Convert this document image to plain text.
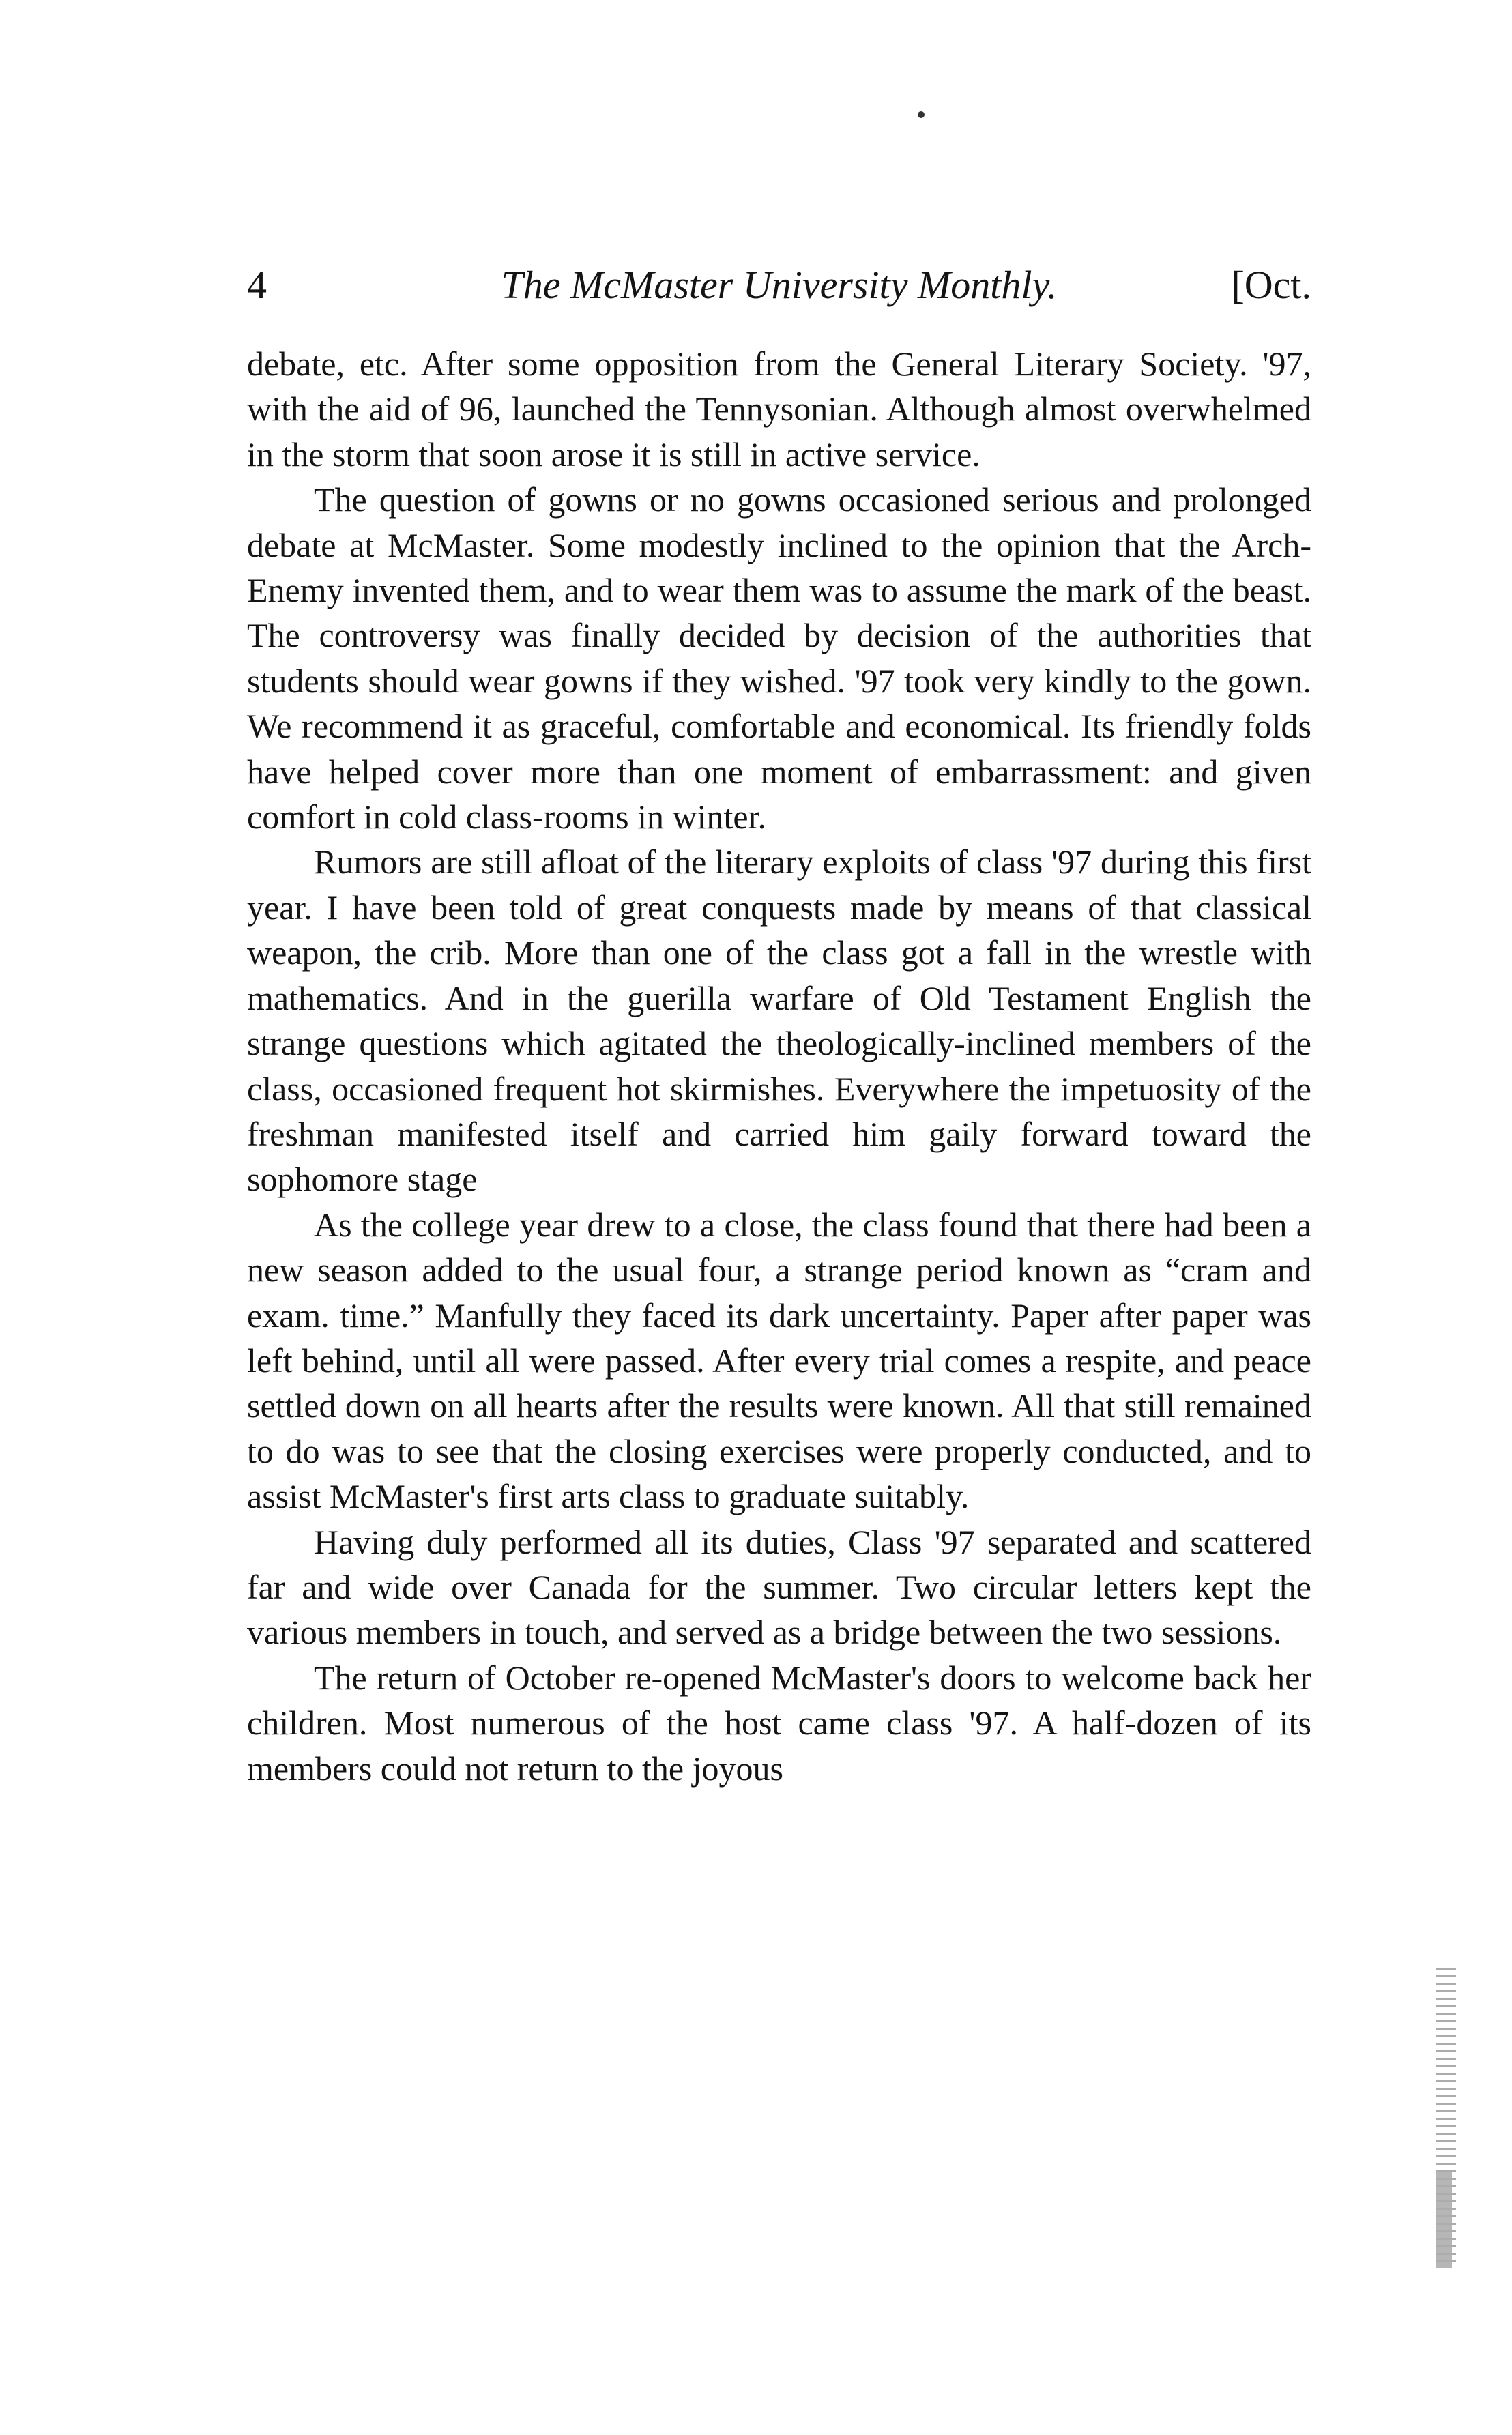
4	The McMaster University Monthly.	[Oct.

debate, etc. After some opposition from the General Literary Society. '97, with the aid of 96, launched the Tennysonian. Although almost overwhelmed in the storm that soon arose it is still in active service.

The question of gowns or no gowns occasioned serious and prolonged debate at McMaster. Some modestly inclined to the opinion that the Arch-Enemy invented them, and to wear them was to assume the mark of the beast. The controversy was finally decided by decision of the authorities that students should wear gowns if they wished. '97 took very kindly to the gown. We recommend it as graceful, comfortable and economical. Its friendly folds have helped cover more than one moment of embarrassment: and given comfort in cold class-rooms in winter.

Rumors are still afloat of the literary exploits of class '97 during this first year. I have been told of great conquests made by means of that classical weapon, the crib. More than one of the class got a fall in the wrestle with mathematics. And in the guerilla warfare of Old Testament English the strange questions which agitated the theologically-inclined members of the class, occasioned frequent hot skirmishes. Everywhere the impetuosity of the freshman manifested itself and carried him gaily forward toward the sophomore stage

As the college year drew to a close, the class found that there had been a new season added to the usual four, a strange period known as “cram and exam. time.” Manfully they faced its dark uncertainty. Paper after paper was left behind, until all were passed. After every trial comes a respite, and peace settled down on all hearts after the results were known. All that still remained to do was to see that the closing exercises were properly conducted, and to assist McMaster's first arts class to graduate suitably.

Having duly performed all its duties, Class '97 separated and scattered far and wide over Canada for the summer. Two circular letters kept the various members in touch, and served as a bridge between the two sessions.

The return of October re-opened McMaster's doors to welcome back her children. Most numerous of the host came class '97. A half-dozen of its members could not return to the joyous
